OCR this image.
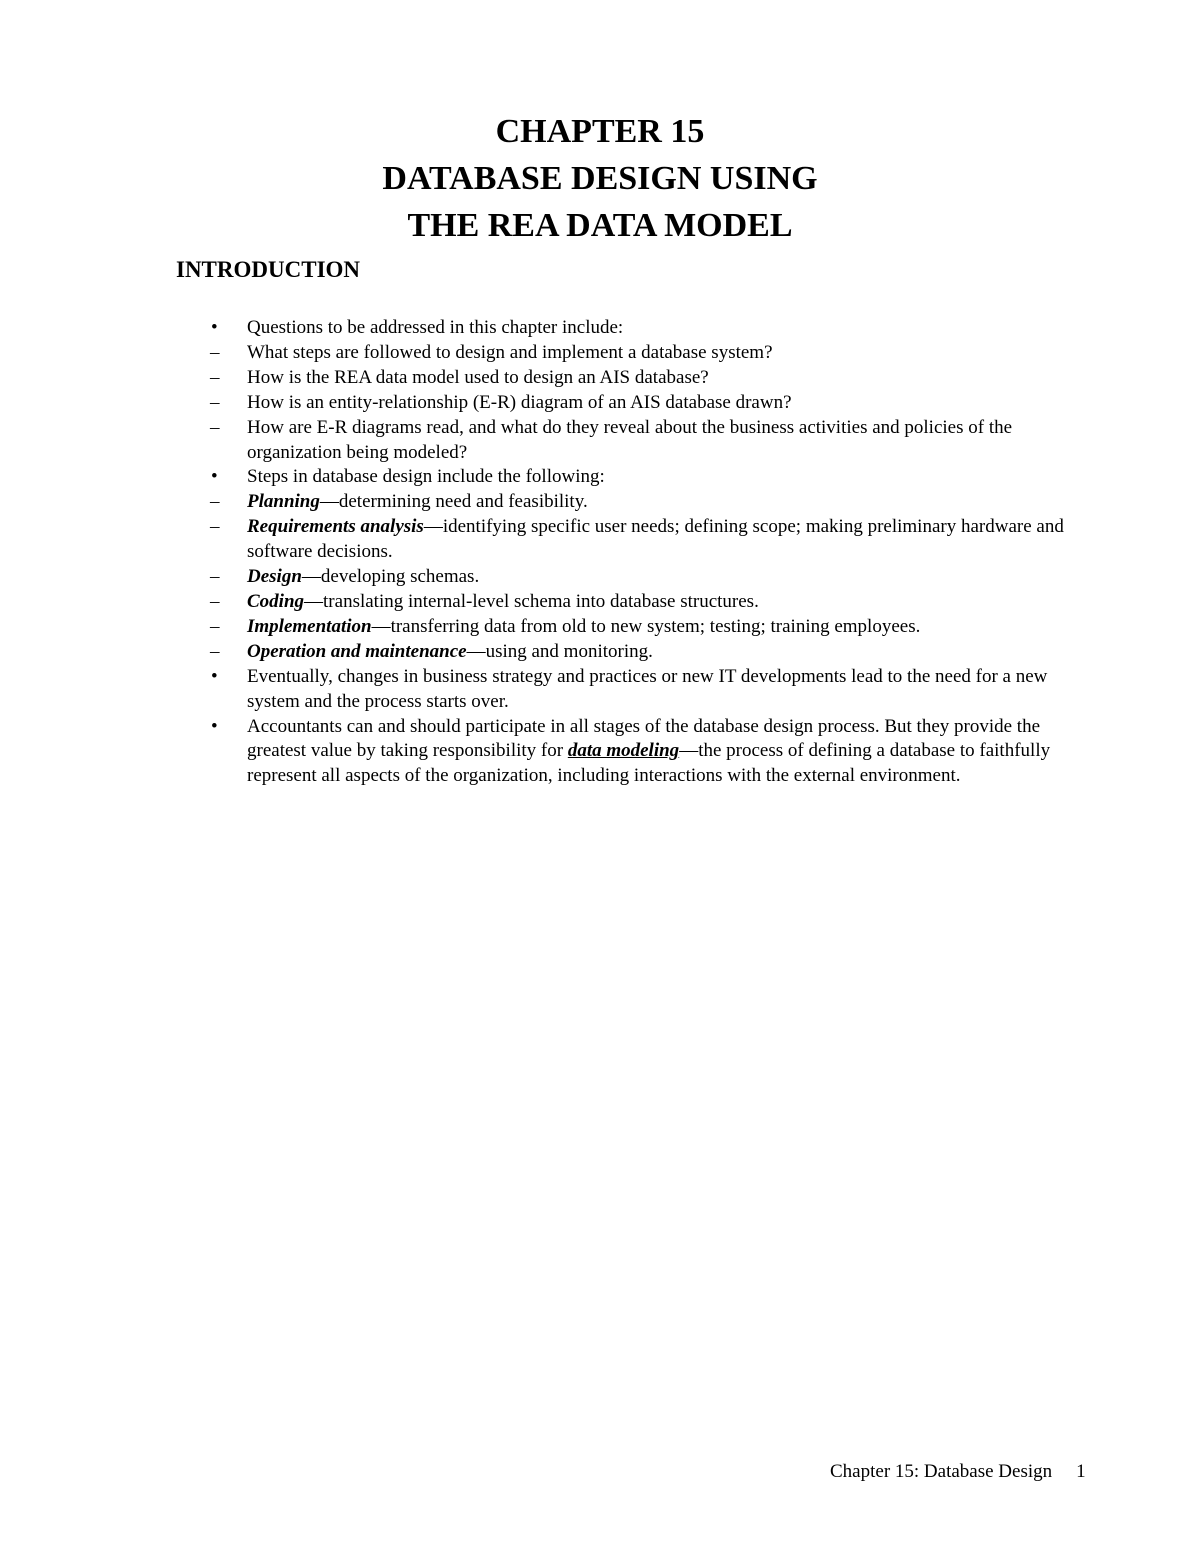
CHAPTER 15
DATABASE DESIGN USING
THE REA DATA MODEL
INTRODUCTION
• Questions to be addressed in this chapter include:
– What steps are followed to design and implement a database system?
– How is the REA data model used to design an AIS database?
– How is an entity-relationship (E-R) diagram of an AIS database drawn?
– How are E-R diagrams read, and what do they reveal about the business activities and policies of the organization being modeled?
• Steps in database design include the following:
– Planning—determining need and feasibility.
– Requirements analysis—identifying specific user needs; defining scope; making preliminary hardware and software decisions.
– Design—developing schemas.
– Coding—translating internal-level schema into database structures.
– Implementation—transferring data from old to new system; testing; training employees.
– Operation and maintenance—using and monitoring.
• Eventually, changes in business strategy and practices or new IT developments lead to the need for a new system and the process starts over.
• Accountants can and should participate in all stages of the database design process. But they provide the greatest value by taking responsibility for data modeling—the process of defining a database to faithfully represent all aspects of the organization, including interactions with the external environment.
Chapter 15: Database Design 1
